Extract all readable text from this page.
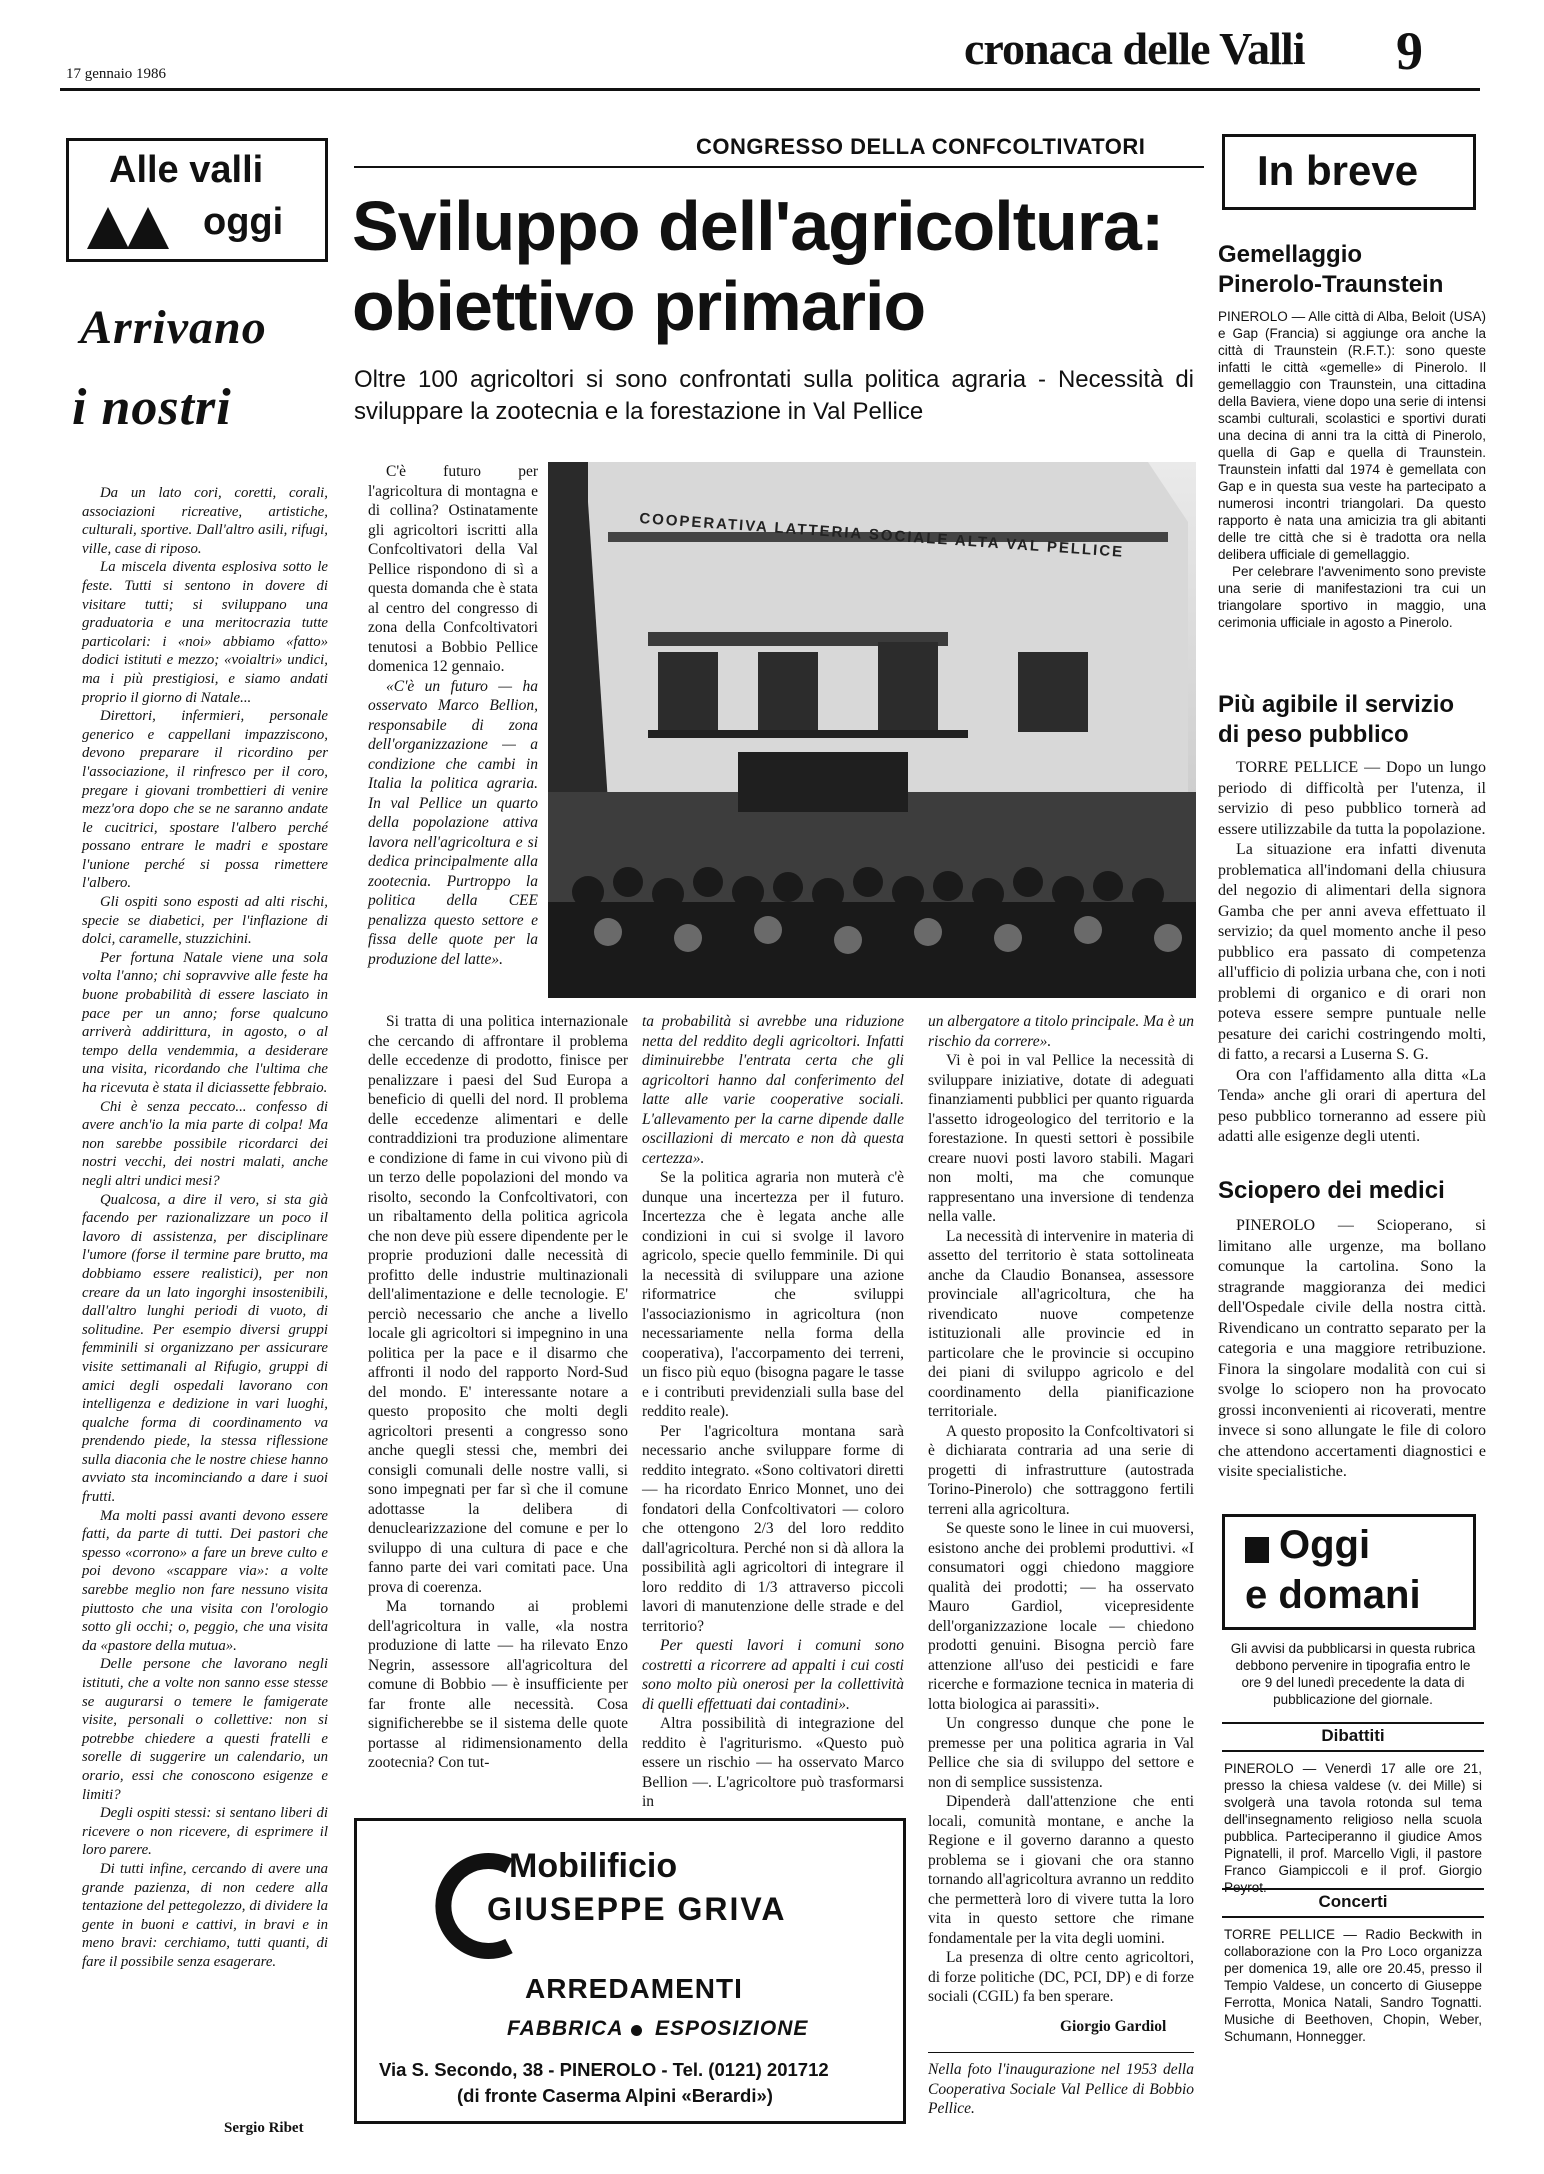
17 gennaio 1986	cronaca delle Valli 9
Alle valli
oggi
Arrivano
i nostri

Da un lato cori, coretti, corali, associazioni ricreative, artistiche, culturali, sportive. Dall'altro asili, rifugi, ville, case di riposo.

La miscela diventa esplosiva sotto le feste. Tutti si sentono in dovere di visitare tutti; si sviluppano una graduatoria e una meritocrazia tutte particolari: i «noi» abbiamo «fatto» dodici istituti e mezzo; «voialtri» undici, ma i più prestigiosi, e siamo andati proprio il giorno di Natale...

Direttori, infermieri, personale generico e cappellani impazziscono, devono preparare il ricordino per l'associazione, il rinfresco per il coro, pregare i giovani trombettieri di venire mezz'ora dopo che se ne saranno andate le cucitrici, spostare l'albero perché possano entrare le madri e spostare l'unione perché si possa rimettere l'albero.

Gli ospiti sono esposti ad alti rischi, specie se diabetici, per l'inflazione di dolci, caramelle, stuzzichini.

Per fortuna Natale viene una sola volta l'anno; chi sopravvive alle feste ha buone probabilità di essere lasciato in pace per un anno; forse qualcuno arriverà addirittura, in agosto, o al tempo della vendemmia, a desiderare una visita, ricordando che l'ultima che ha ricevuta è stata il diciassette febbraio.

Chi è senza peccato... confesso di avere anch'io la mia parte di colpa! Ma non sarebbe possibile ricordarci dei nostri vecchi, dei nostri malati, anche negli altri undici mesi?

Qualcosa, a dire il vero, si sta già facendo per razionalizzare un poco il lavoro di assistenza, per disciplinare l'umore (forse il termine pare brutto, ma dobbiamo essere realistici), per non creare da un lato ingorghi insostenibili, dall'altro lunghi periodi di vuoto, di solitudine. Per esempio diversi gruppi femminili si organizzano per assicurare visite settimanali al Rifugio, gruppi di amici degli ospedali lavorano con intelligenza e dedizione in vari luoghi, qualche forma di coordinamento va prendendo piede, la stessa riflessione sulla diaconia che le nostre chiese hanno avviato sta incominciando a dare i suoi frutti.

Ma molti passi avanti devono essere fatti, da parte di tutti. Dei pastori che spesso «corrono» a fare un breve culto e poi devono «scappare via»: a volte sarebbe meglio non fare nessuno visita piuttosto che una visita con l'orologio sotto gli occhi; o, peggio, che una visita da «pastore della mutua».

Delle persone che lavorano negli istituti, che a volte non sanno esse stesse se augurarsi o temere le famigerate visite, personali o collettive: non si potrebbe chiedere a questi fratelli e sorelle di suggerire un calendario, un orario, essi che conoscono esigenze e limiti?

Degli ospiti stessi: si sentano liberi di ricevere o non ricevere, di esprimere il loro parere.

Di tutti infine, cercando di avere una grande pazienza, di non cedere alla tentazione del pettegolezzo, di dividere la gente in buoni e cattivi, in bravi e in meno bravi: cerchiamo, tutti quanti, di fare il possibile senza esagerare.

Sergio Ribet
CONGRESSO DELLA CONFCOLTIVATORI
Sviluppo dell'agricoltura:
obiettivo primario
Oltre 100 agricoltori si sono confrontati sulla politica agraria - Necessità di sviluppare la zootecnia e la forestazione in Val Pellice
COOPERATIVA LATTERIA SOCIALE ALTA VAL PELLICE

C'è futuro per l'agricoltura di montagna e di collina? Ostinatamente gli agricoltori iscritti alla Confcoltivatori della Val Pellice rispondono di sì a questa domanda che è stata al centro del congresso di zona della Confcoltivatori tenutosi a Bobbio Pellice domenica 12 gennaio.

«C'è un futuro — ha osservato Marco Bellion, responsabile di zona dell'organizzazione — a condizione che cambi in Italia la politica agraria. In val Pellice un quarto della popolazione attiva lavora nell'agricoltura e si dedica principalmente alla zootecnia. Purtroppo la politica della CEE penalizza questo settore e fissa delle quote per la produzione del latte».

Si tratta di una politica internazionale che cercando di affrontare il problema delle eccedenze di prodotto, finisce per penalizzare i paesi del Sud Europa a beneficio di quelli del nord. Il problema delle eccedenze alimentari e delle contraddizioni tra produzione alimentare e condizione di fame in cui vivono più di un terzo delle popolazioni del mondo va risolto, secondo la Confcoltivatori, con un ribaltamento della politica agricola che non deve più essere dipendente per le proprie produzioni dalle necessità di profitto delle industrie multinazionali dell'alimentazione e delle tecnologie. E' perciò necessario che anche a livello locale gli agricoltori si impegnino in una politica per la pace e il disarmo che affronti il nodo del rapporto Nord-Sud del mondo. E' interessante notare a questo proposito che molti degli agricoltori presenti a congresso sono anche quegli stessi che, membri dei consigli comunali delle nostre valli, si sono impegnati per far sì che il comune adottasse la delibera di denuclearizzazione del comune e per lo sviluppo di una cultura di pace e che fanno parte dei vari comitati pace. Una prova di coerenza.

Ma tornando ai problemi dell'agricoltura in valle, «la nostra produzione di latte — ha rilevato Enzo Negrin, assessore all'agricoltura del comune di Bobbio — è insufficiente per far fronte alle necessità. Cosa significherebbe se il sistema delle quote portasse al ridimensionamento della zootecnia? Con tut-

ta probabilità si avrebbe una riduzione netta del reddito degli agricoltori. Infatti diminuirebbe l'entrata certa che gli agricoltori hanno dal conferimento del latte alle varie cooperative sociali. L'allevamento per la carne dipende dalle oscillazioni di mercato e non dà questa certezza».

Se la politica agraria non muterà c'è dunque una incertezza per il futuro. Incertezza che è legata anche alle condizioni in cui si svolge il lavoro agricolo, specie quello femminile. Di qui la necessità di sviluppare una azione riformatrice che sviluppi l'associazionismo in agricoltura (non necessariamente nella forma della cooperativa), l'accorpamento dei terreni, un fisco più equo (bisogna pagare le tasse e i contributi previdenziali sulla base del reddito reale).

Per l'agricoltura montana sarà necessario anche sviluppare forme di reddito integrato. «Sono coltivatori diretti — ha ricordato Enrico Monnet, uno dei fondatori della Confcoltivatori — coloro che ottengono 2/3 del loro reddito dall'agricoltura. Perché non si dà allora la possibilità agli agricoltori di integrare il loro reddito di 1/3 attraverso piccoli lavori di manutenzione delle strade e del territorio?

Per questi lavori i comuni sono costretti a ricorrere ad appalti i cui costi sono molto più onerosi per la collettività di quelli effettuati dai contadini».

Altra possibilità di integrazione del reddito è l'agriturismo. «Questo può essere un rischio — ha osservato Marco Bellion —. L'agricoltore può trasformarsi in

un albergatore a titolo principale. Ma è un rischio da correre».

Vi è poi in val Pellice la necessità di sviluppare iniziative, dotate di adeguati finanziamenti pubblici per quanto riguarda l'assetto idrogeologico del territorio e la forestazione. In questi settori è possibile creare nuovi posti lavoro stabili. Magari non molti, ma che comunque rappresentano una inversione di tendenza nella valle.

La necessità di intervenire in materia di assetto del territorio è stata sottolineata anche da Claudio Bonansea, assessore provinciale all'agricoltura, che ha rivendicato nuove competenze istituzionali alle provincie ed in particolare che le provincie si occupino dei piani di sviluppo agricolo e del coordinamento della pianificazione territoriale.

A questo proposito la Confcoltivatori si è dichiarata contraria ad una serie di progetti di infrastrutture (autostrada Torino-Pinerolo) che sottraggono fertili terreni alla agricoltura.

Se queste sono le linee in cui muoversi, esistono anche dei problemi produttivi. «I consumatori oggi chiedono maggiore qualità dei prodotti; — ha osservato Mauro Gardiol, vicepresidente dell'organizzazione locale — chiedono prodotti genuini. Bisogna perciò fare attenzione all'uso dei pesticidi e fare ricerche e formazione tecnica in materia di lotta biologica ai parassiti».

Un congresso dunque che pone le premesse per una politica agraria in Val Pellice che sia di sviluppo del settore e non di semplice sussistenza.

Dipenderà dall'attenzione che enti locali, comunità montane, e anche la Regione e il governo daranno a questo problema se i giovani che ora stanno tornando all'agricoltura avranno un reddito che permetterà loro di vivere tutta la loro vita in questo settore che rimane fondamentale per la vita degli uomini.

La presenza di oltre cento agricoltori, di forze politiche (DC, PCI, DP) e di forze sociali (CGIL) fa ben sperare.

Giorgio Gardiol
Nella foto l'inaugurazione nel 1953 della Cooperativa Sociale Val Pellice di Bobbio Pellice.
Mobilificio
GIUSEPPE GRIVA
ARREDAMENTI
FABBRICA ESPOSIZIONE
Via S. Secondo, 38 - PINEROLO - Tel. (0121) 201712
(di fronte Caserma Alpini «Berardi»)
In breve
Gemellaggio
Pinerolo-Traunstein

PINEROLO — Alle città di Alba, Beloit (USA) e Gap (Francia) si aggiunge ora anche la città di Traunstein (R.F.T.): sono queste infatti le città «gemelle» di Pinerolo. Il gemellaggio con Traunstein, una cittadina della Baviera, viene dopo una serie di intensi scambi culturali, scolastici e sportivi durati una decina di anni tra la città di Pinerolo, quella di Gap e quella di Traunstein. Traunstein infatti dal 1974 è gemellata con Gap e in questa sua veste ha partecipato a numerosi incontri triangolari. Da questo rapporto è nata una amicizia tra gli abitanti delle tre città che si è tradotta ora nella delibera ufficiale di gemellaggio.

Per celebrare l'avvenimento sono previste una serie di manifestazioni tra cui un triangolare sportivo in maggio, una cerimonia ufficiale in agosto a Pinerolo.

Più agibile il servizio
di peso pubblico

TORRE PELLICE — Dopo un lungo periodo di difficoltà per l'utenza, il servizio di peso pubblico tornerà ad essere utilizzabile da tutta la popolazione.

La situazione era infatti divenuta problematica all'indomani della chiusura del negozio di alimentari della signora Gamba che per anni aveva effettuato il servizio; da quel momento anche il peso pubblico era passato di competenza all'ufficio di polizia urbana che, con i noti problemi di organico e di orari non poteva essere sempre puntuale nelle pesature dei carichi costringendo molti, di fatto, a recarsi a Luserna S. G.

Ora con l'affidamento alla ditta «La Tenda» anche gli orari di apertura del peso pubblico torneranno ad essere più adatti alle esigenze degli utenti.

Sciopero dei medici

PINEROLO — Scioperano, si limitano alle urgenze, ma bollano comunque la cartolina. Sono la stragrande maggioranza dei medici dell'Ospedale civile della nostra città. Rivendicano un contratto separato per la categoria e una maggiore retribuzione. Finora la singolare modalità con cui si svolge lo sciopero non ha provocato grossi inconvenienti ai ricoverati, mentre invece si sono allungate le file di coloro che attendono accertamenti diagnostici e visite specialistiche.

Oggi
e domani
Gli avvisi da pubblicarsi in questa rubrica debbono pervenire in tipografia entro le ore 9 del lunedì precedente la data di pubblicazione del giornale.
Dibattiti
PINEROLO — Venerdì 17 alle ore 21, presso la chiesa valdese (v. dei Mille) si svolgerà una tavola rotonda sul tema dell'insegnamento religioso nella scuola pubblica. Parteciperanno il giudice Amos Pignatelli, il prof. Marcello Vigli, il pastore Franco Giampiccoli e il prof. Giorgio
Concerti
TORRE PELLICE — Radio Beckwith in collaborazione con la Pro Loco organizza per domenica 19, alle ore 20.45, presso il Tempio Valdese, un concerto di Giuseppe Ferrotta, Monica Natali, Sandro Tognatti. Musiche di Beethoven, Chopin, Weber, Schumann, Honnegger.
